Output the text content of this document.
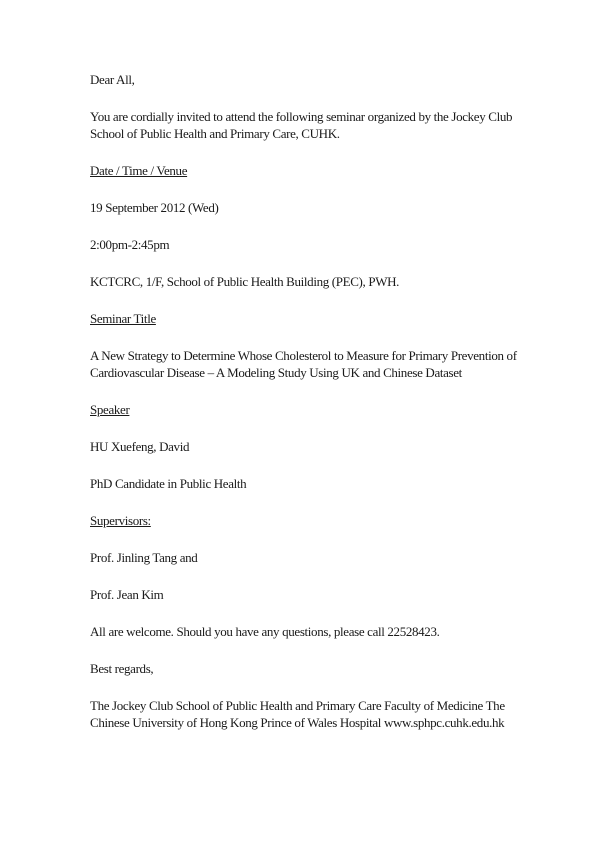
Dear All,

You are cordially invited to attend the following seminar organized by the Jockey Club School of Public Health and Primary Care, CUHK.

Date / Time / Venue

19 September 2012 (Wed)

2:00pm-2:45pm

KCTCRC, 1/F, School of Public Health Building (PEC), PWH.

Seminar Title

A New Strategy to Determine Whose Cholesterol to Measure for Primary Prevention of Cardiovascular Disease – A Modeling Study Using UK and Chinese Dataset

Speaker

HU Xuefeng, David

PhD Candidate in Public Health

Supervisors:

Prof. Jinling Tang and

Prof. Jean Kim

All are welcome. Should you have any questions, please call 22528423.

Best regards,

The Jockey Club School of Public Health and Primary Care Faculty of Medicine The Chinese University of Hong Kong Prince of Wales Hospital www.sphpc.cuhk.edu.hk
